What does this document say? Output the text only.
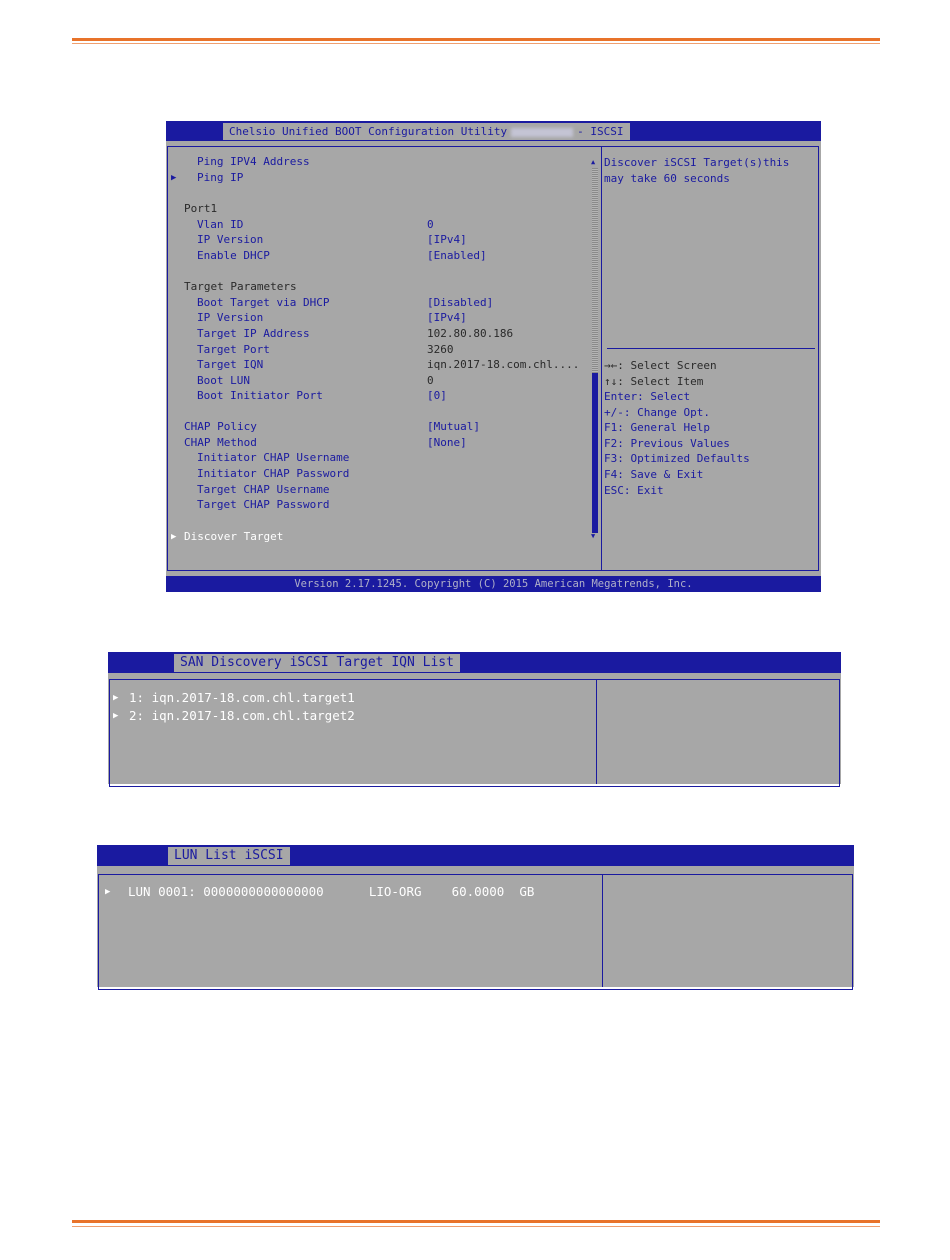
Chelsio Unified BOOT Configuration Utility	- ISCSI
▲
▼
Ping IPV4 Address
▶ Ping IP
Port1
Vlan ID	0
IP Version	[IPv4]
Enable DHCP	[Enabled]
Target Parameters
Boot Target via DHCP	[Disabled]
IP Version	[IPv4]
Target IP Address	102.80.80.186
Target Port	3260
Target IQN	iqn.2017-18.com.chl....
Boot LUN	0
Boot Initiator Port	[0]
CHAP Policy	[Mutual]
CHAP Method	[None]
Initiator CHAP Username
Initiator CHAP Password
Target CHAP Username
Target CHAP Password
▶ Discover Target
Discover iSCSI Target(s)this
may take 60 seconds
→←: Select Screen
↑↓: Select Item
Enter: Select
+/-: Change Opt.
F1: General Help
F2: Previous Values
F3: Optimized Defaults
F4: Save & Exit
ESC: Exit
Version 2.17.1245. Copyright (C) 2015 American Megatrends, Inc.
SAN Discovery iSCSI Target IQN List
▶ 1: iqn.2017-18.com.chl.target1
▶ 2: iqn.2017-18.com.chl.target2
LUN List iSCSI
▶ LUN 0001: 0000000000000000      LIO-ORG    60.0000  GB
